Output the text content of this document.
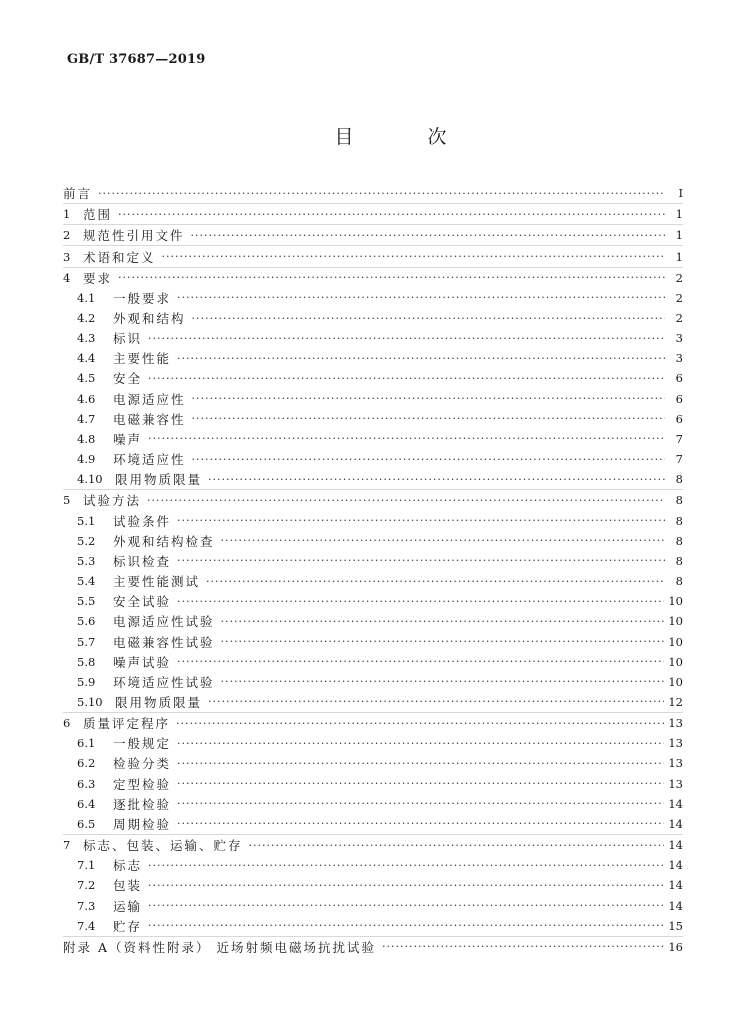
GB/T 37687—2019
目 次
前言 ·····	Ⅰ
1	范围 ·····	1
2	规范性引用文件 ·····	1
3	术语和定义 ·····	1
4	要求 ·····	2
4.1	一般要求 ·····	2
4.2	外观和结构 ·····	2
4.3	标识 ·····	3
4.4	主要性能 ·····	3
4.5	安全 ·····	6
4.6	电源适应性 ·····	6
4.7	电磁兼容性 ·····	6
4.8	噪声 ·····	7
4.9	环境适应性 ·····	7
4.10 限用物质限量 ·····	8
5	试验方法 ·····	8
5.1	试验条件 ·····	8
5.2	外观和结构检查 ·····	8
5.3	标识检查 ·····	8
5.4	主要性能测试 ·····	8
5.5	安全试验 ·····	10
5.6	电源适应性试验 ·····	10
5.7	电磁兼容性试验 ·····	10
5.8	噪声试验 ·····	10
5.9	环境适应性试验 ·····	10
5.10 限用物质限量 ·····	12
6	质量评定程序 ·····	13
6.1	一般规定 ·····	13
6.2	检验分类 ·····	13
6.3	定型检验 ·····	13
6.4	逐批检验 ·····	14
6.5	周期检验 ·····	14
7	标志、包装、运输、贮存 ·····	14
7.1	标志 ·····	14
7.2	包装 ·····	14
7.3	运输 ·····	14
7.4	贮存 ·····	15
附录 A（资料性附录） 近场射频电磁场抗扰试验 ·····	16
